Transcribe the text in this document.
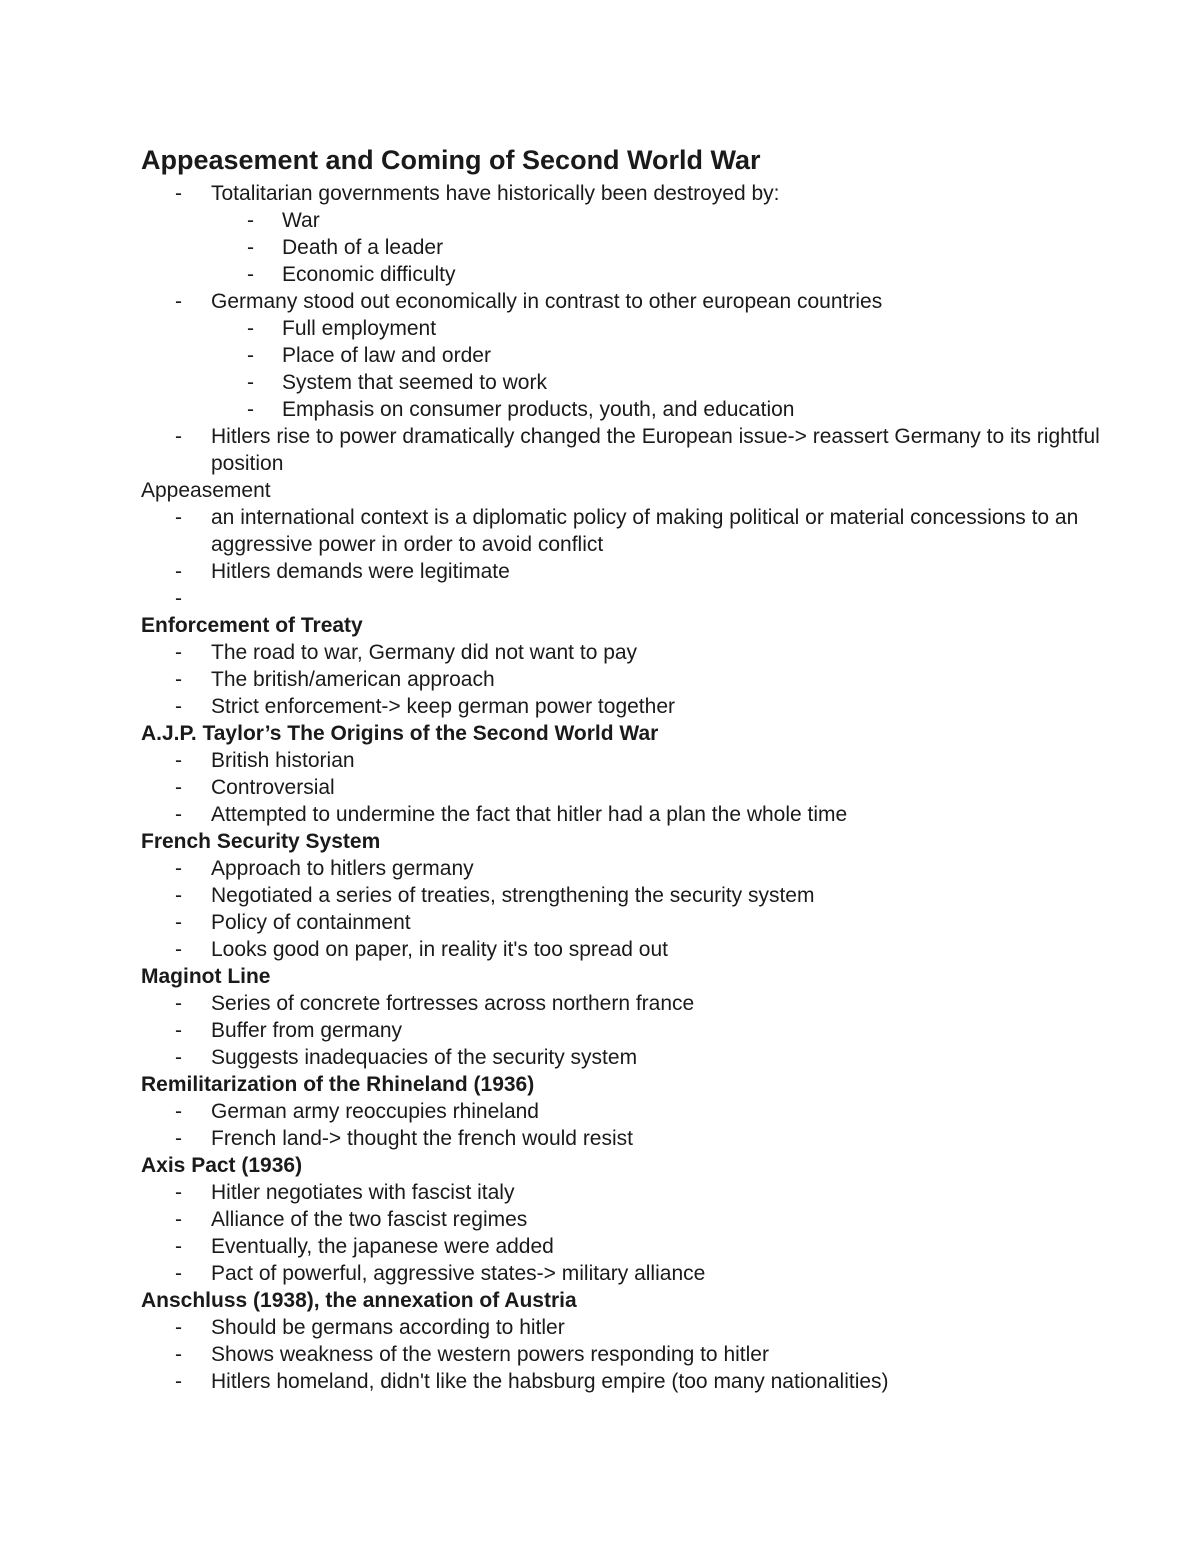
Appeasement and Coming of Second World War
- Totalitarian governments have historically been destroyed by:
- War
- Death of a leader
- Economic difficulty
- Germany stood out economically in contrast to other european countries
- Full employment
- Place of law and order
- System that seemed to work
- Emphasis on consumer products, youth, and education
- Hitlers rise to power dramatically changed the European issue-> reassert Germany to its rightful position
Appeasement
- an international context is a diplomatic policy of making political or material concessions to an aggressive power in order to avoid conflict
- Hitlers demands were legitimate
-
Enforcement of Treaty
- The road to war, Germany did not want to pay
- The british/american approach
- Strict enforcement-> keep german power together
A.J.P. Taylor’s The Origins of the Second World War
- British historian
- Controversial
- Attempted to undermine the fact that hitler had a plan the whole time
French Security System
- Approach to hitlers germany
- Negotiated a series of treaties, strengthening the security system
- Policy of containment
- Looks good on paper, in reality it's too spread out
Maginot Line
- Series of concrete fortresses across northern france
- Buffer from germany
- Suggests inadequacies of the security system
Remilitarization of the Rhineland (1936)
- German army reoccupies rhineland
- French land-> thought the french would resist
Axis Pact (1936)
- Hitler negotiates with fascist italy
- Alliance of the two fascist regimes
- Eventually, the japanese were added
- Pact of powerful, aggressive states-> military alliance
Anschluss (1938), the annexation of Austria
- Should be germans according to hitler
- Shows weakness of the western powers responding to hitler
- Hitlers homeland, didn't like the habsburg empire (too many nationalities)
